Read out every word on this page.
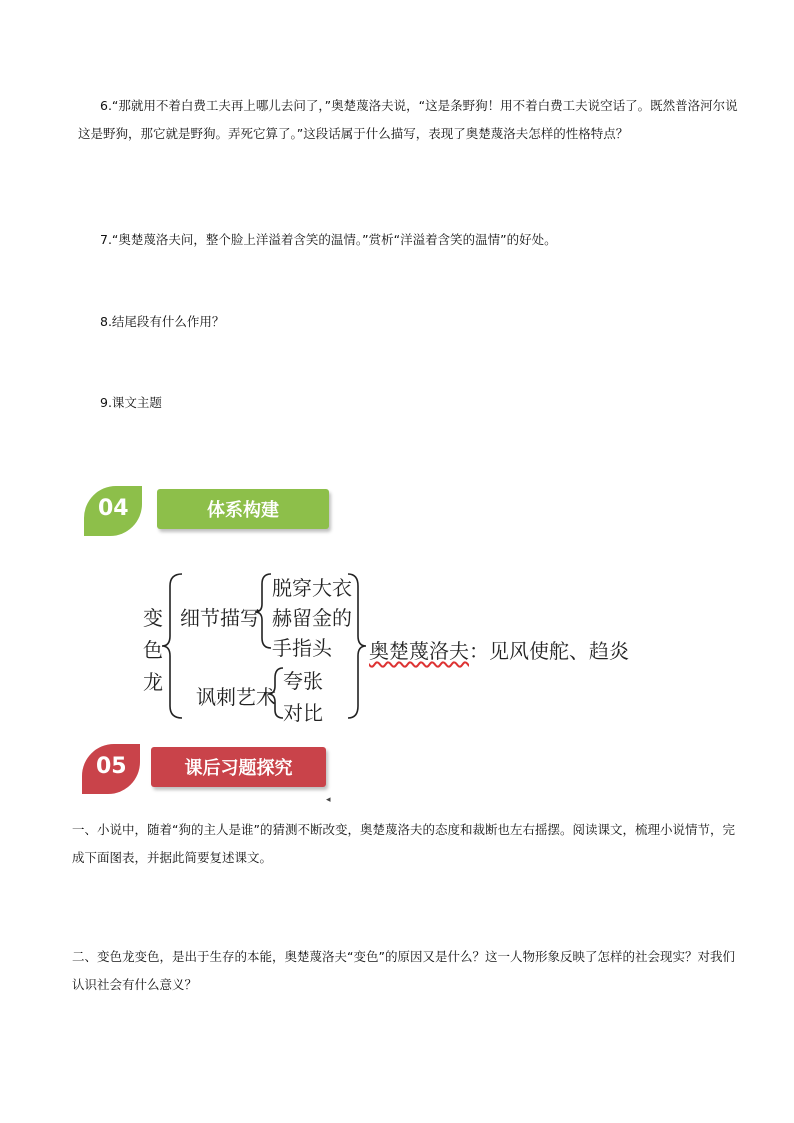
6.“那就用不着白费工夫再上哪儿去问了，”奥楚蔑洛夫说，“这是条野狗！用不着白费工夫说空话了。既然普洛河尔说这是野狗，那它就是野狗。弄死它算了。”这段话属于什么描写，表现了奥楚蔑洛夫怎样的性格特点？
7.“奥楚蔑洛夫问，整个脸上洋溢着含笑的温情。”赏析“洋溢着含笑的温情”的好处。
8.结尾段有什么作用？
9.课文主题
04	体系构建
变
色
龙
细节描写
脱穿大衣
赫留金的
手指头
讽刺艺术
夸张
对比
奥楚蔑洛夫：见风使舵、趋炎
05	课后习题探究
◂
一、小说中，随着“狗的主人是谁”的猜测不断改变，奥楚蔑洛夫的态度和裁断也左右摇摆。阅读课文，梳理小说情节，完成下面图表，并据此简要复述课文。
二、变色龙变色，是出于生存的本能，奥楚蔑洛夫“变色”的原因又是什么？这一人物形象反映了怎样的社会现实？对我们认识社会有什么意义？
